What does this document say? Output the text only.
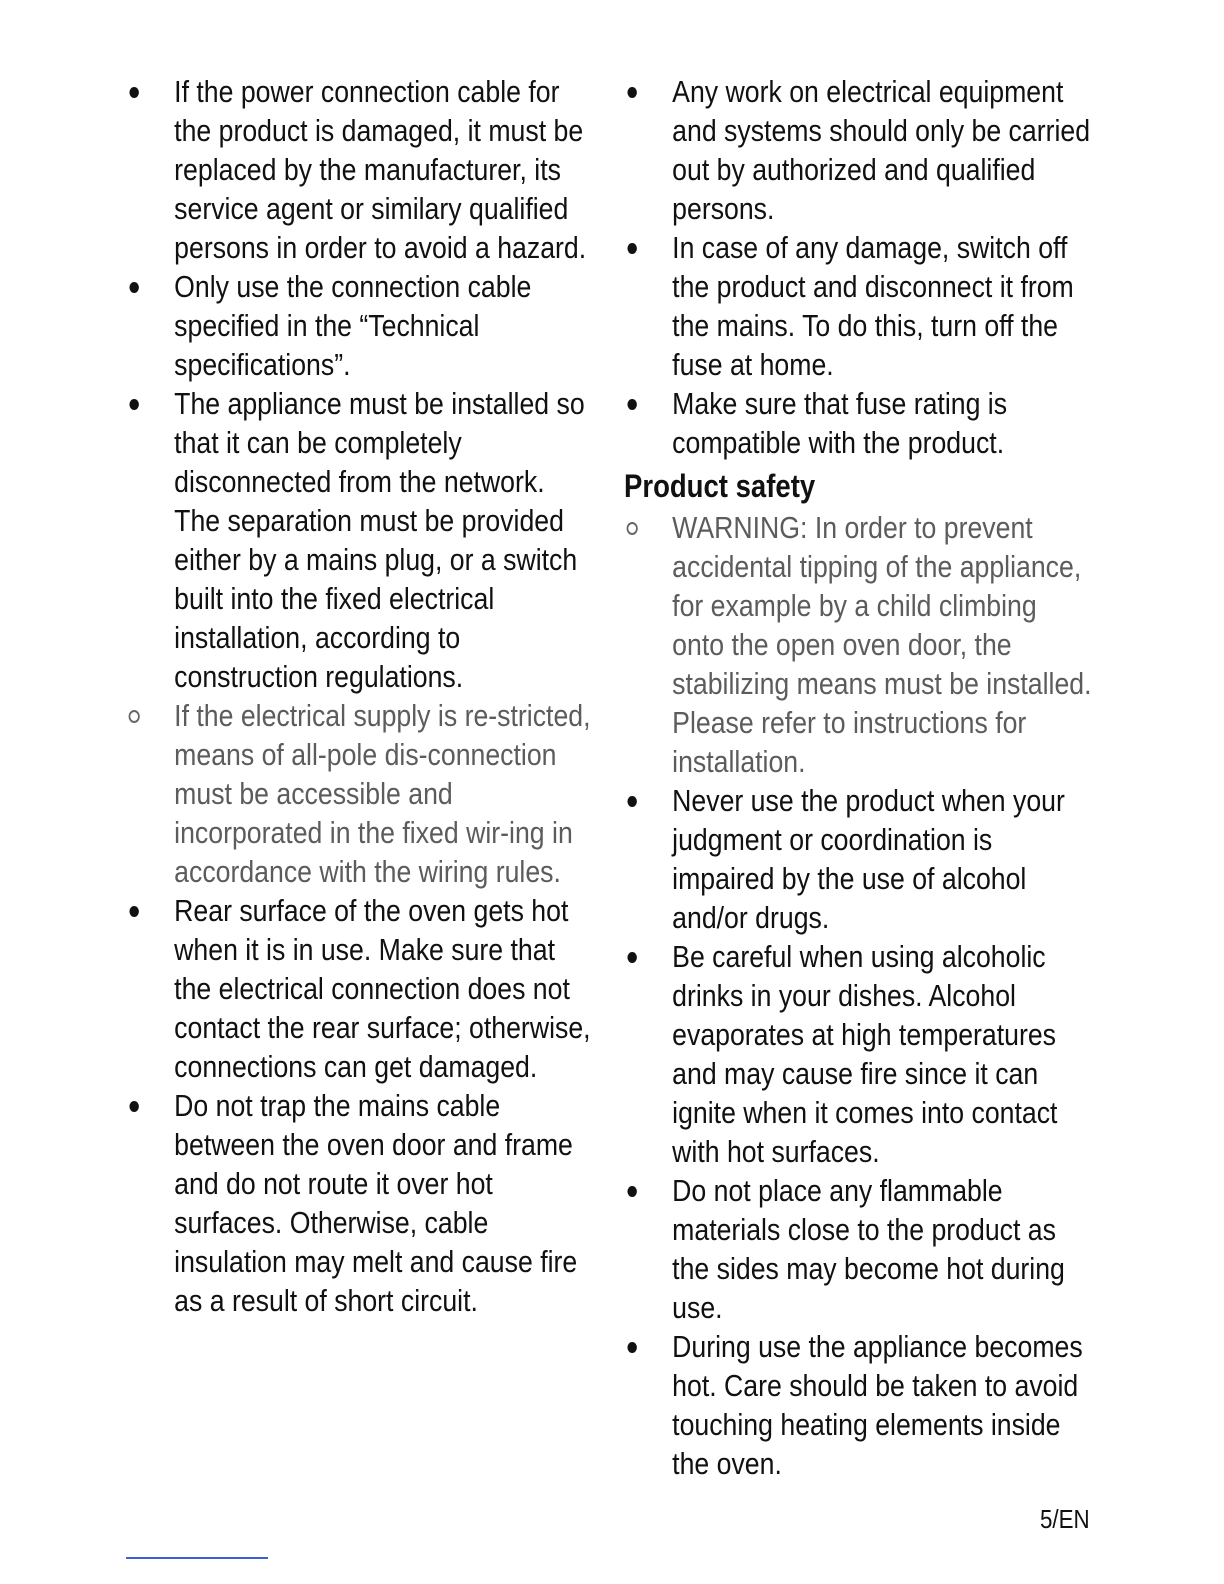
If the power connection cable for the product is damaged, it must be replaced by the manufacturer, its service agent or similary qualified persons in order to avoid a hazard.
Only use the connection cable specified in the “Technical specifications”.
The appliance must be installed so that it can be completely disconnected from the network. The separation must be provided either by a mains plug, or a switch built into the fixed electrical installation, according to construction regulations.
If the electrical supply is re-stricted, means of all-pole dis-connection must be accessible and incorporated in the fixed wir-ing in accordance with the wiring rules.
Rear surface of the oven gets hot when it is in use. Make sure that the electrical connection does not contact the rear surface; otherwise, connections can get damaged.
Do not trap the mains cable between the oven door and frame and do not route it over hot surfaces. Otherwise, cable insulation may melt and cause fire as a result of short circuit.
Any work on electrical equipment and systems should only be carried out by authorized and qualified persons.
In case of any damage, switch off the product and disconnect it from the mains. To do this, turn off the fuse at home.
Make sure that fuse rating is compatible with the product.
Product safety
WARNING: In order to prevent accidental tipping of the appliance, for example by a child climbing onto the open oven door, the stabilizing means must be installed. Please refer to instructions for installation.
Never use the product when your judgment or coordination is impaired by the use of alcohol and/or drugs.
Be careful when using alcoholic drinks in your dishes. Alcohol evaporates at high temperatures and may cause fire since it can ignite when it comes into contact with hot surfaces.
Do not place any flammable materials close to the product as the sides may become hot during use.
During use the appliance becomes hot. Care should be taken to avoid touching heating elements inside the oven.
5/EN
